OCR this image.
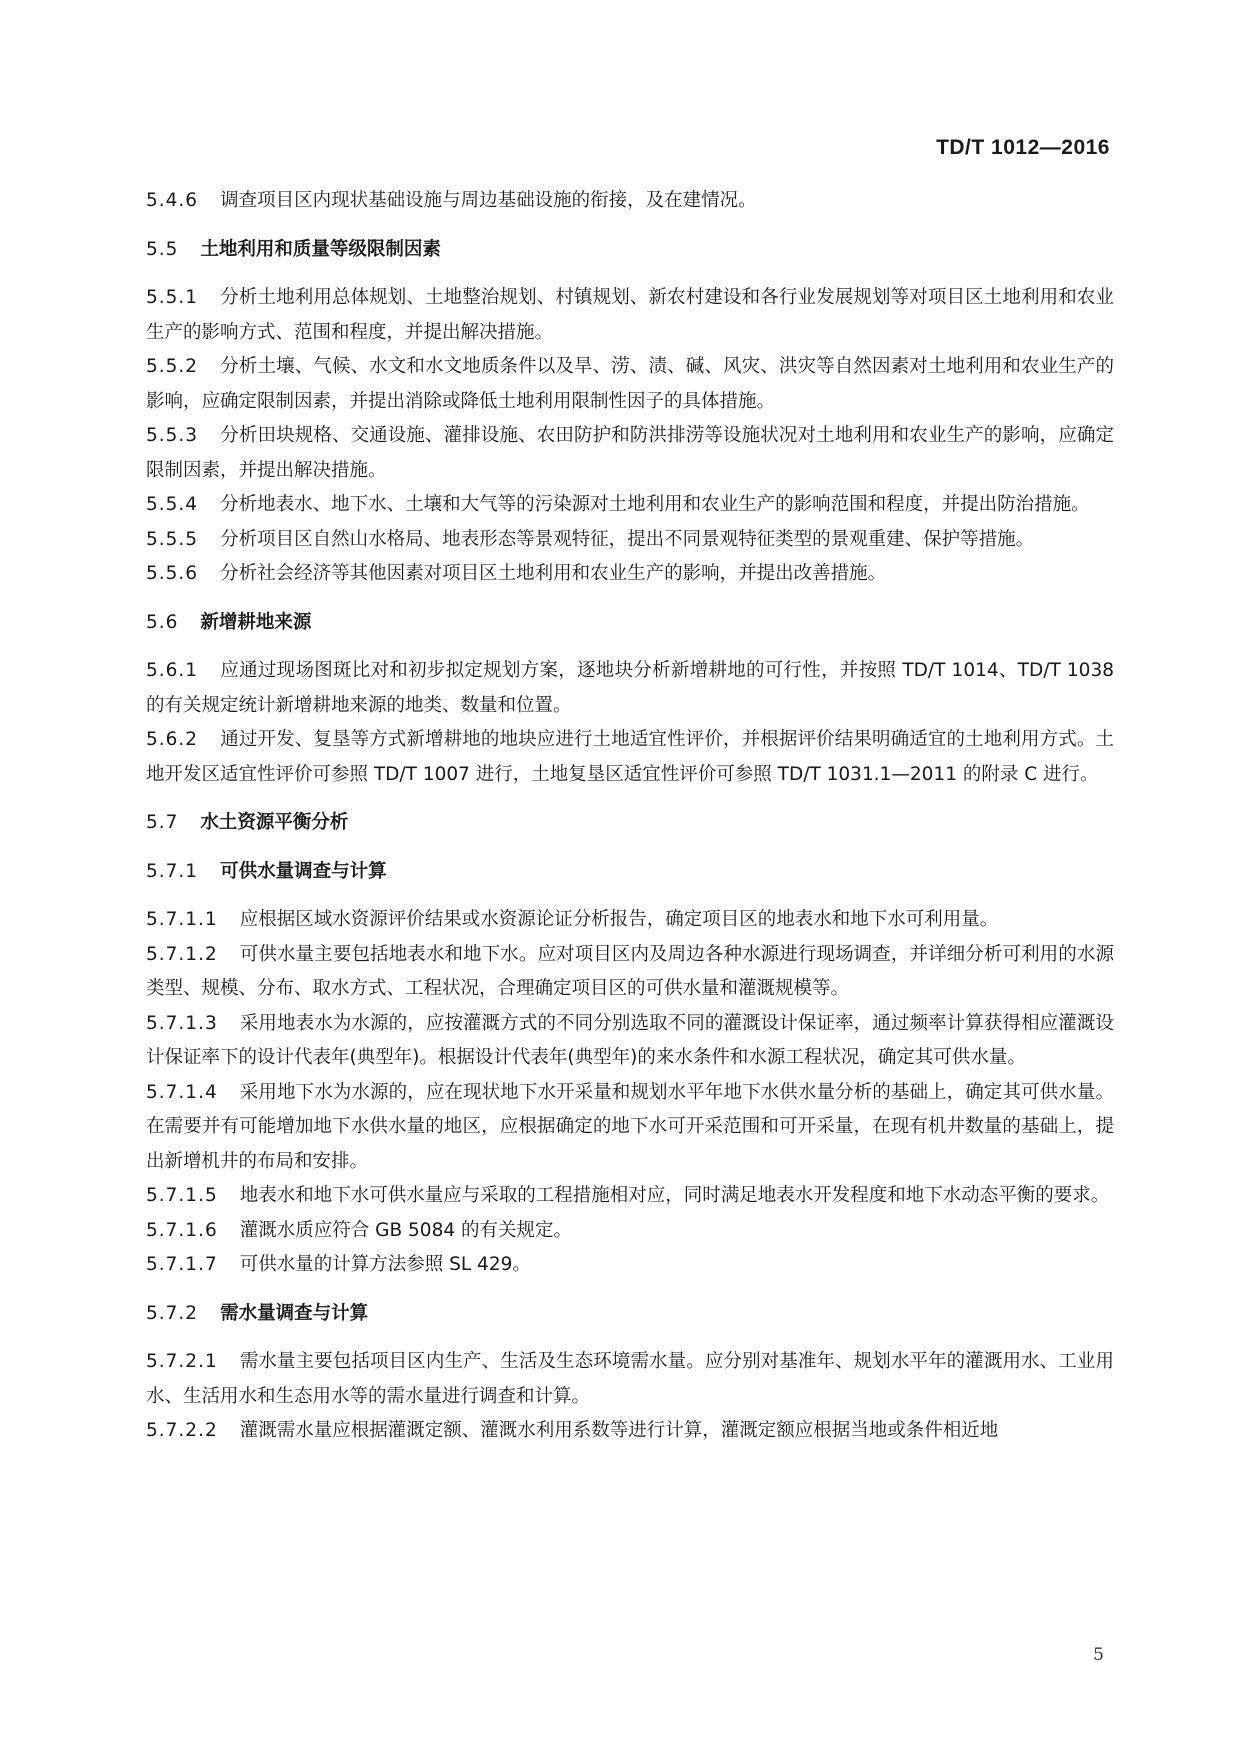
TD/T 1012—2016

5.4.6 调查项目区内现状基础设施与周边基础设施的衔接，及在建情况。

5.5 土地利用和质量等级限制因素

5.5.1 分析土地利用总体规划、土地整治规划、村镇规划、新农村建设和各行业发展规划等对项目区土地利用和农业生产的影响方式、范围和程度，并提出解决措施。

5.5.2 分析土壤、气候、水文和水文地质条件以及旱、涝、渍、碱、风灾、洪灾等自然因素对土地利用和农业生产的影响，应确定限制因素，并提出消除或降低土地利用限制性因子的具体措施。

5.5.3 分析田块规格、交通设施、灌排设施、农田防护和防洪排涝等设施状况对土地利用和农业生产的影响，应确定限制因素，并提出解决措施。

5.5.4 分析地表水、地下水、土壤和大气等的污染源对土地利用和农业生产的影响范围和程度，并提出防治措施。

5.5.5 分析项目区自然山水格局、地表形态等景观特征，提出不同景观特征类型的景观重建、保护等措施。

5.5.6 分析社会经济等其他因素对项目区土地利用和农业生产的影响，并提出改善措施。

5.6 新增耕地来源

5.6.1 应通过现场图斑比对和初步拟定规划方案，逐地块分析新增耕地的可行性，并按照 TD/T 1014、TD/T 1038 的有关规定统计新增耕地来源的地类、数量和位置。

5.6.2 通过开发、复垦等方式新增耕地的地块应进行土地适宜性评价，并根据评价结果明确适宜的土地利用方式。土地开发区适宜性评价可参照 TD/T 1007 进行，土地复垦区适宜性评价可参照 TD/T 1031.1—2011 的附录 C 进行。

5.7 水土资源平衡分析
5.7.1 可供水量调查与计算

5.7.1.1 应根据区域水资源评价结果或水资源论证分析报告，确定项目区的地表水和地下水可利用量。

5.7.1.2 可供水量主要包括地表水和地下水。应对项目区内及周边各种水源进行现场调查，并详细分析可利用的水源类型、规模、分布、取水方式、工程状况，合理确定项目区的可供水量和灌溉规模等。

5.7.1.3 采用地表水为水源的，应按灌溉方式的不同分别选取不同的灌溉设计保证率，通过频率计算获得相应灌溉设计保证率下的设计代表年(典型年)。根据设计代表年(典型年)的来水条件和水源工程状况，确定其可供水量。

5.7.1.4 采用地下水为水源的，应在现状地下水开采量和规划水平年地下水供水量分析的基础上，确定其可供水量。在需要并有可能增加地下水供水量的地区，应根据确定的地下水可开采范围和可开采量，在现有机井数量的基础上，提出新增机井的布局和安排。

5.7.1.5 地表水和地下水可供水量应与采取的工程措施相对应，同时满足地表水开发程度和地下水动态平衡的要求。

5.7.1.6 灌溉水质应符合 GB 5084 的有关规定。

5.7.1.7 可供水量的计算方法参照 SL 429。

5.7.2 需水量调查与计算

5.7.2.1 需水量主要包括项目区内生产、生活及生态环境需水量。应分别对基准年、规划水平年的灌溉用水、工业用水、生活用水和生态用水等的需水量进行调查和计算。

5.7.2.2 灌溉需水量应根据灌溉定额、灌溉水利用系数等进行计算，灌溉定额应根据当地或条件相近地

5
